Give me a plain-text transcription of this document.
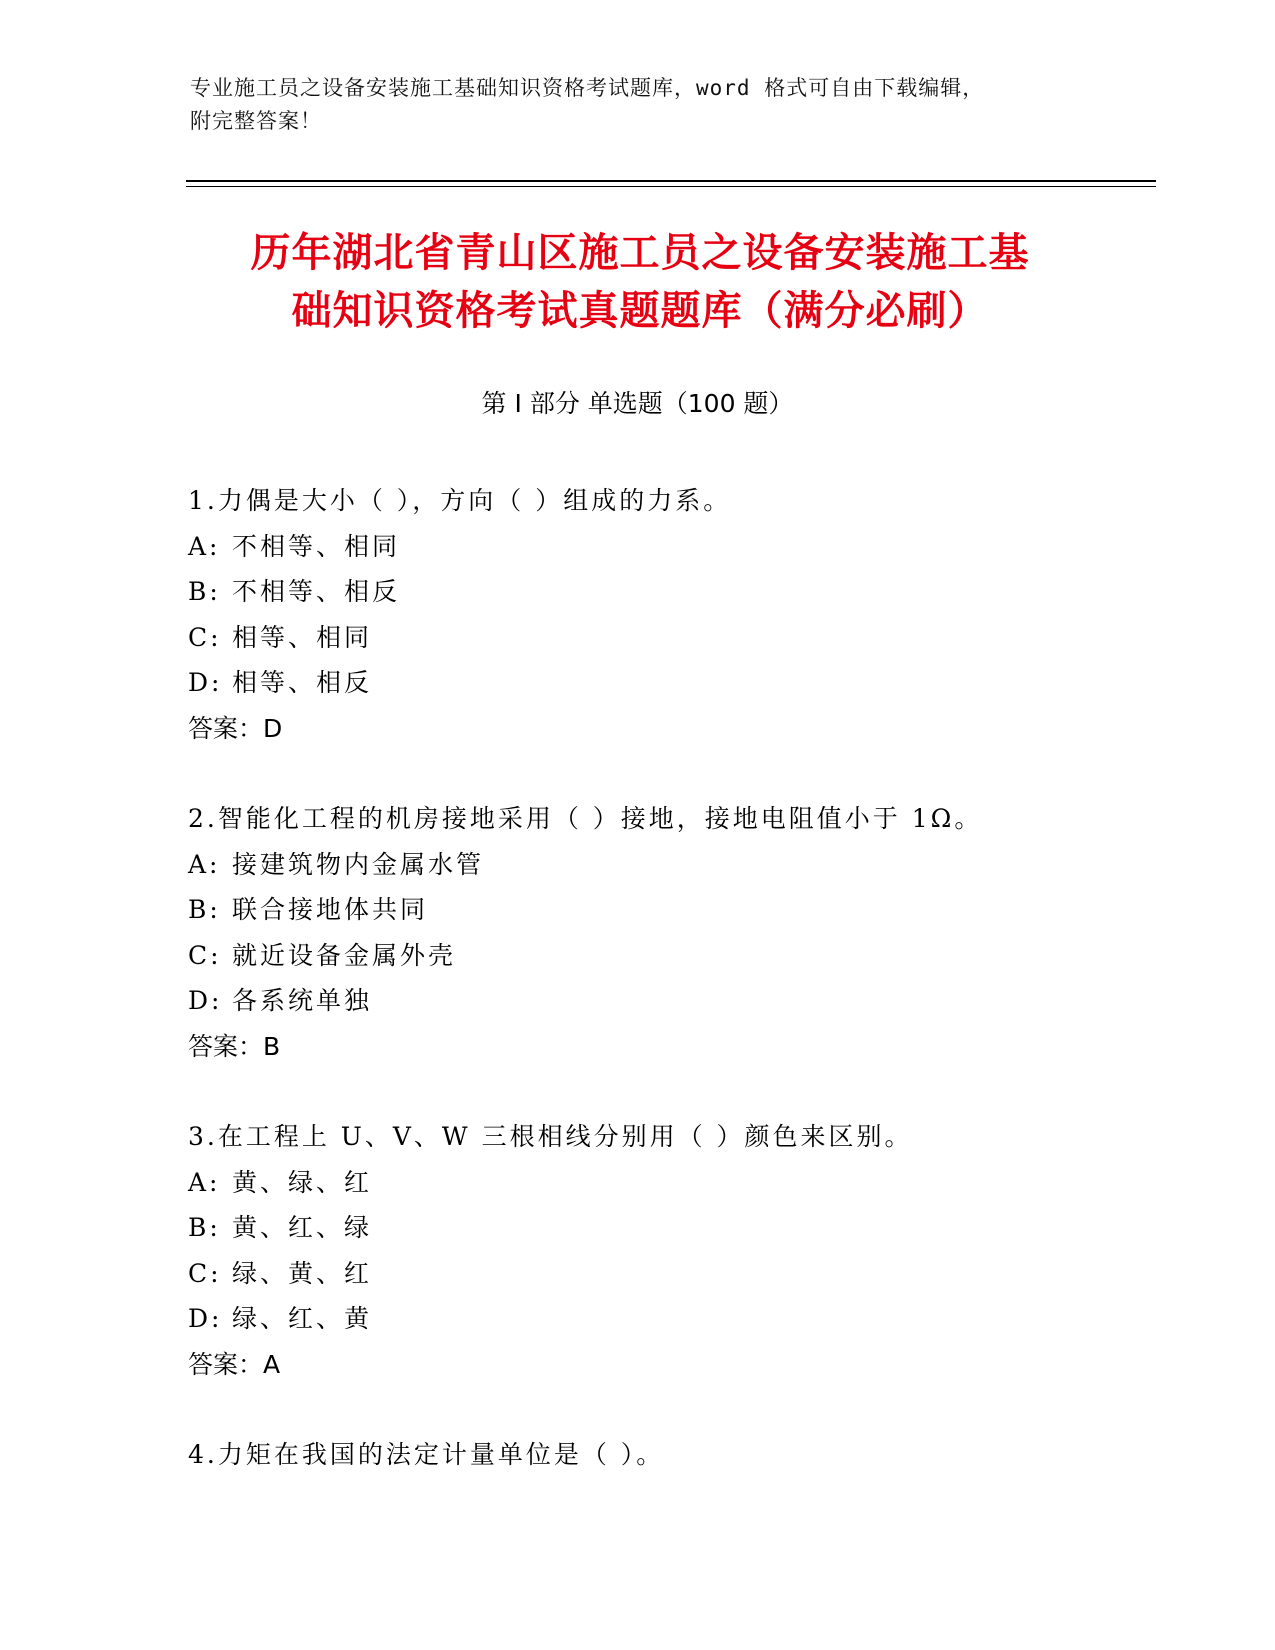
专业施工员之设备安装施工基础知识资格考试题库，word 格式可自由下载编辑，
附完整答案！
历年湖北省青山区施工员之设备安装施工基
础知识资格考试真题题库（满分必刷）
第 I 部分 单选题（100 题）
1.力偶是大小（ ），方向（ ）组成的力系。
A: 不相等、相同
B: 不相等、相反
C: 相等、相同
D: 相等、相反
答案：D
2.智能化工程的机房接地采用（ ）接地，接地电阻值小于 1Ω。
A: 接建筑物内金属水管
B: 联合接地体共同
C: 就近设备金属外壳
D: 各系统单独
答案：B
3.在工程上 U、V、W 三根相线分别用（ ）颜色来区别。
A: 黄、绿、红
B: 黄、红、绿
C: 绿、黄、红
D: 绿、红、黄
答案：A
4.力矩在我国的法定计量单位是（ ）。
